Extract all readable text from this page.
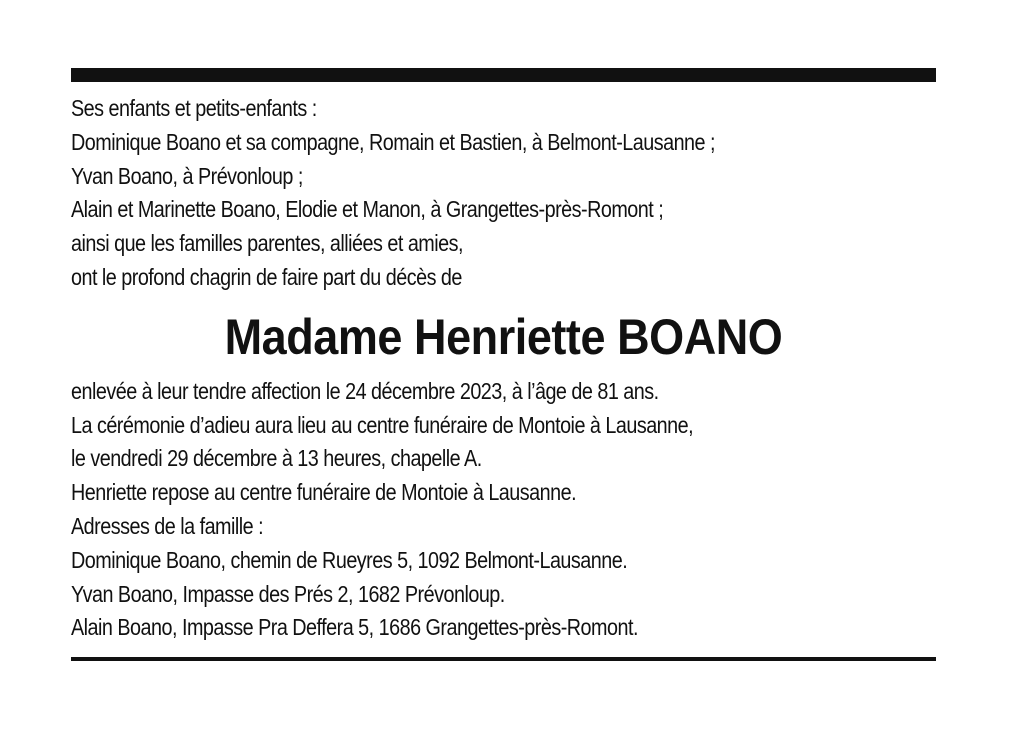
Ses enfants et petits-enfants :
Dominique Boano et sa compagne, Romain et Bastien, à Belmont-Lausanne ;
Yvan Boano, à Prévonloup ;
Alain et Marinette Boano, Elodie et Manon, à Grangettes-près-Romont ;
ainsi que les familles parentes, alliées et amies,
ont le profond chagrin de faire part du décès de
Madame Henriette BOANO
enlevée à leur tendre affection le 24 décembre 2023, à l’âge de 81 ans.
La cérémonie d’adieu aura lieu au centre funéraire de Montoie à Lausanne,
le vendredi 29 décembre à 13 heures, chapelle A.
Henriette repose au centre funéraire de Montoie à Lausanne.
Adresses de la famille :
Dominique Boano, chemin de Rueyres 5, 1092 Belmont-Lausanne.
Yvan Boano, Impasse des Prés 2, 1682 Prévonloup.
Alain Boano, Impasse Pra Deffera 5, 1686 Grangettes-près-Romont.
